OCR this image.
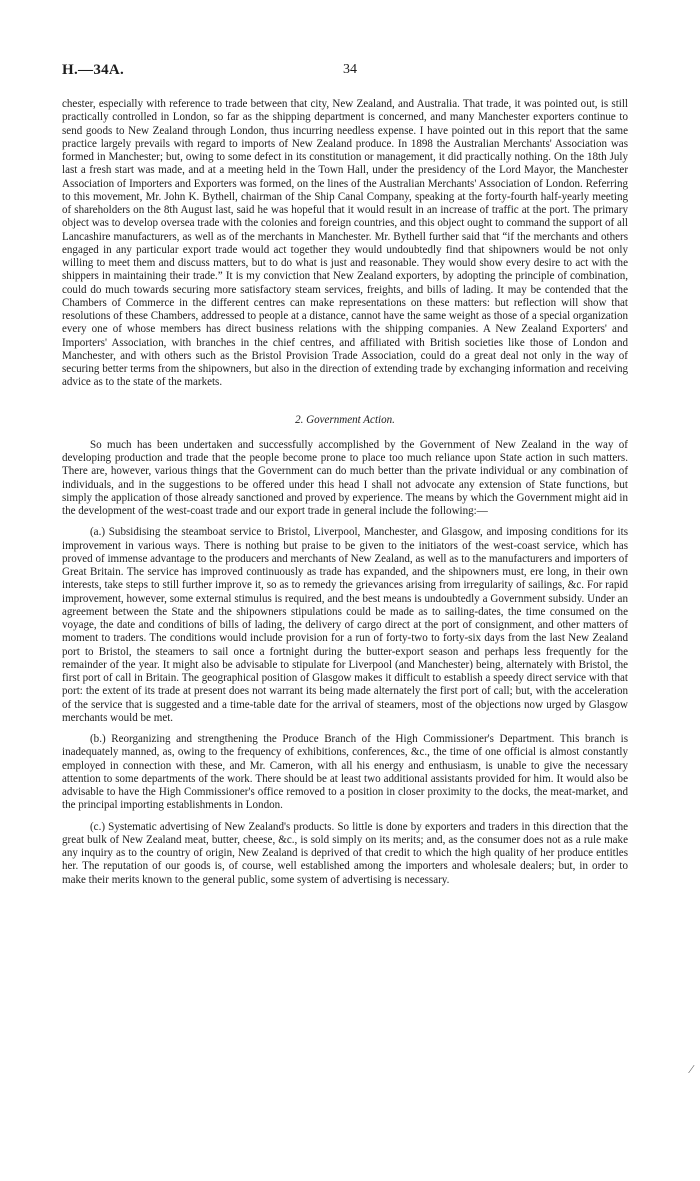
H.—34A.	34

chester, especially with reference to trade between that city, New Zealand, and Australia. That trade, it was pointed out, is still practically controlled in London, so far as the shipping department is concerned, and many Manchester exporters continue to send goods to New Zealand through London, thus incurring needless expense. I have pointed out in this report that the same practice largely prevails with regard to imports of New Zealand produce. In 1898 the Australian Merchants' Association was formed in Manchester; but, owing to some defect in its constitution or management, it did practically nothing. On the 18th July last a fresh start was made, and at a meeting held in the Town Hall, under the presidency of the Lord Mayor, the Manchester Association of Importers and Exporters was formed, on the lines of the Australian Merchants' Association of London. Referring to this movement, Mr. John K. Bythell, chairman of the Ship Canal Company, speaking at the forty-fourth half-yearly meeting of shareholders on the 8th August last, said he was hopeful that it would result in an increase of traffic at the port. The primary object was to develop oversea trade with the colonies and foreign countries, and this object ought to command the support of all Lancashire manufacturers, as well as of the merchants in Manchester. Mr. Bythell further said that “if the merchants and others engaged in any particular export trade would act together they would undoubtedly find that shipowners would be not only willing to meet them and discuss matters, but to do what is just and reasonable. They would show every desire to act with the shippers in maintaining their trade.” It is my conviction that New Zealand exporters, by adopting the principle of combination, could do much towards securing more satisfactory steam services, freights, and bills of lading. It may be contended that the Chambers of Commerce in the different centres can make representations on these matters: but reflection will show that resolutions of these Chambers, addressed to people at a distance, cannot have the same weight as those of a special organization every one of whose members has direct business relations with the shipping companies. A New Zealand Exporters' and Importers' Association, with branches in the chief centres, and affiliated with British societies like those of London and Manchester, and with others such as the Bristol Provision Trade Association, could do a great deal not only in the way of securing better terms from the shipowners, but also in the direction of extending trade by exchanging information and receiving advice as to the state of the markets.

2. Government Action.

So much has been undertaken and successfully accomplished by the Government of New Zealand in the way of developing production and trade that the people become prone to place too much reliance upon State action in such matters. There are, however, various things that the Government can do much better than the private individual or any combination of individuals, and in the suggestions to be offered under this head I shall not advocate any extension of State functions, but simply the application of those already sanctioned and proved by experience. The means by which the Government might aid in the development of the west-coast trade and our export trade in general include the following:—

(a.) Subsidising the steamboat service to Bristol, Liverpool, Manchester, and Glasgow, and imposing conditions for its improvement in various ways. There is nothing but praise to be given to the initiators of the west-coast service, which has proved of immense advantage to the producers and merchants of New Zealand, as well as to the manufacturers and importers of Great Britain. The service has improved continuously as trade has expanded, and the shipowners must, ere long, in their own interests, take steps to still further improve it, so as to remedy the grievances arising from irregularity of sailings, &c. For rapid improvement, however, some external stimulus is required, and the best means is undoubtedly a Government subsidy. Under an agreement between the State and the shipowners stipulations could be made as to sailing-dates, the time consumed on the voyage, the date and conditions of bills of lading, the delivery of cargo direct at the port of consignment, and other matters of moment to traders. The conditions would include provision for a run of forty-two to forty-six days from the last New Zealand port to Bristol, the steamers to sail once a fortnight during the butter-export season and perhaps less frequently for the remainder of the year. It might also be advisable to stipulate for Liverpool (and Manchester) being, alternately with Bristol, the first port of call in Britain. The geographical position of Glasgow makes it difficult to establish a speedy direct service with that port: the extent of its trade at present does not warrant its being made alternately the first port of call; but, with the acceleration of the service that is suggested and a time-table date for the arrival of steamers, most of the objections now urged by Glasgow merchants would be met.

(b.) Reorganizing and strengthening the Produce Branch of the High Commissioner's Department. This branch is inadequately manned, as, owing to the frequency of exhibitions, conferences, &c., the time of one official is almost constantly employed in connection with these, and Mr. Cameron, with all his energy and enthusiasm, is unable to give the necessary attention to some departments of the work. There should be at least two additional assistants provided for him. It would also be advisable to have the High Commissioner's office removed to a position in closer proximity to the docks, the meat-market, and the principal importing establishments in London.

(c.) Systematic advertising of New Zealand's products. So little is done by exporters and traders in this direction that the great bulk of New Zealand meat, butter, cheese, &c., is sold simply on its merits; and, as the consumer does not as a rule make any inquiry as to the country of origin, New Zealand is deprived of that credit to which the high quality of her produce entitles her. The reputation of our goods is, of course, well established among the importers and wholesale dealers; but, in order to make their merits known to the general public, some system of advertising is necessary.

 ∕
